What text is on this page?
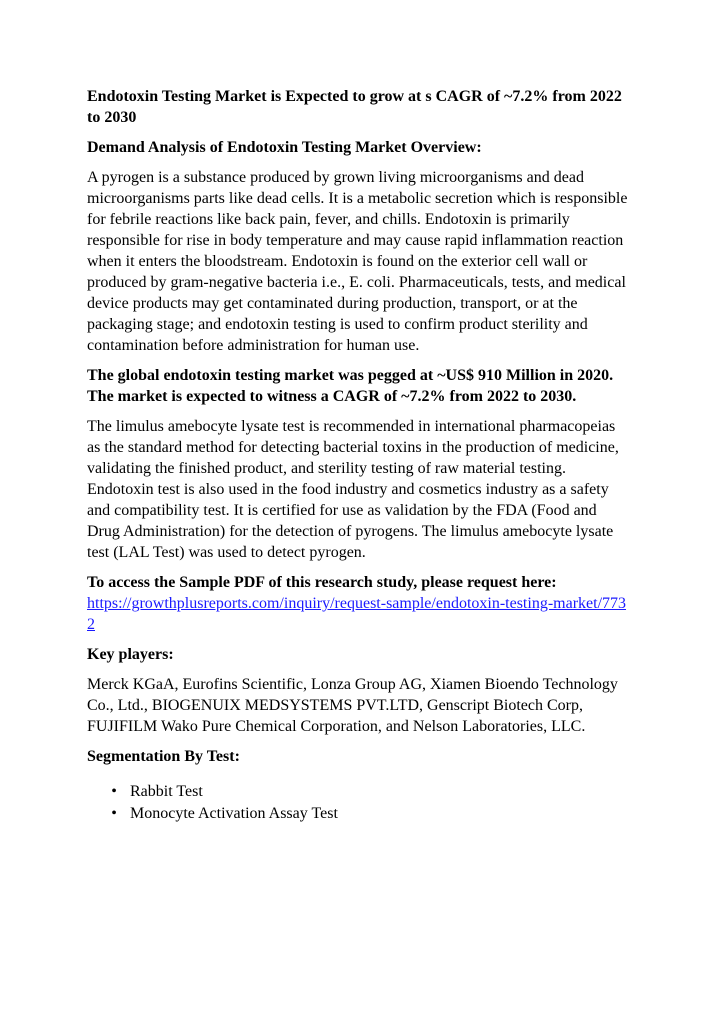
Endotoxin Testing Market is Expected to grow at s CAGR of ~7.2% from 2022 to 2030

Demand Analysis of Endotoxin Testing Market Overview:

A pyrogen is a substance produced by grown living microorganisms and dead microorganisms parts like dead cells. It is a metabolic secretion which is responsible for febrile reactions like back pain, fever, and chills. Endotoxin is primarily responsible for rise in body temperature and may cause rapid inflammation reaction when it enters the bloodstream. Endotoxin is found on the exterior cell wall or produced by gram-negative bacteria i.e., E. coli. Pharmaceuticals, tests, and medical device products may get contaminated during production, transport, or at the packaging stage; and endotoxin testing is used to confirm product sterility and contamination before administration for human use.

The global endotoxin testing market was pegged at ~US$ 910 Million in 2020. The market is expected to witness a CAGR of ~7.2% from 2022 to 2030.

The limulus amebocyte lysate test is recommended in international pharmacopeias as the standard method for detecting bacterial toxins in the production of medicine, validating the finished product, and sterility testing of raw material testing. Endotoxin test is also used in the food industry and cosmetics industry as a safety and compatibility test. It is certified for use as validation by the FDA (Food and Drug Administration) for the detection of pyrogens. The limulus amebocyte lysate test (LAL Test) was used to detect pyrogen.

To access the Sample PDF of this research study, please request here:
https://growthplusreports.com/inquiry/request-sample/endotoxin-testing-market/7732

Key players:

Merck KGaA, Eurofins Scientific, Lonza Group AG, Xiamen Bioendo Technology Co., Ltd., BIOGENUIX MEDSYSTEMS PVT.LTD, Genscript Biotech Corp, FUJIFILM Wako Pure Chemical Corporation, and Nelson Laboratories, LLC.

Segmentation By Test:

• Rabbit Test
• Monocyte Activation Assay Test
